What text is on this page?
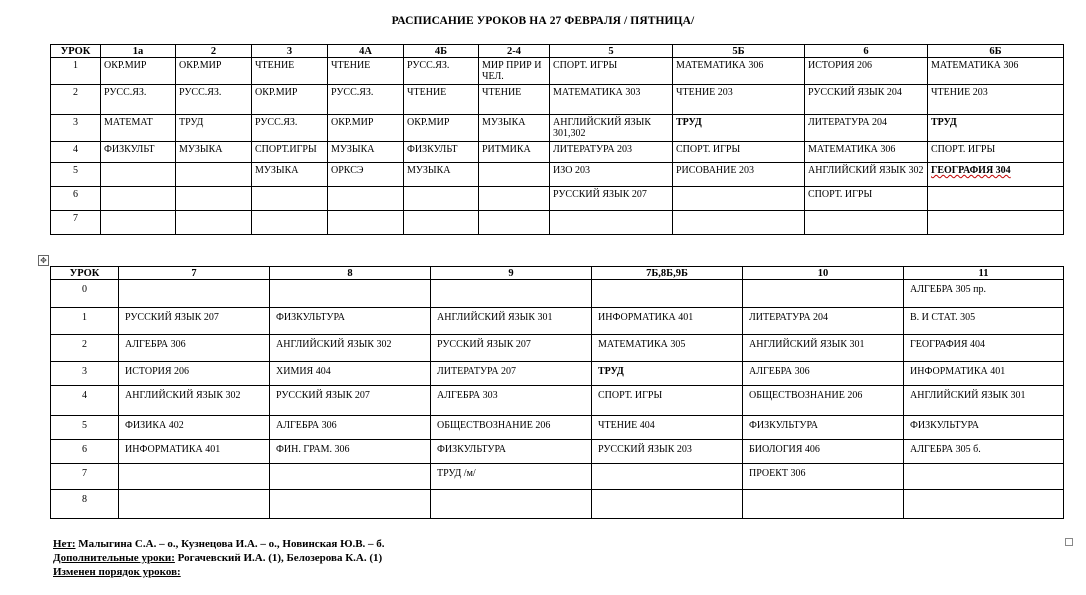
РАСПИСАНИЕ УРОКОВ НА 27 ФЕВРАЛЯ / ПЯТНИЦА/
УРОК	1а	2	3	4А	4Б	2-4	5	5Б	6	6Б
1	ОКР.МИР	ОКР.МИР	ЧТЕНИЕ	ЧТЕНИЕ	РУСС.ЯЗ.	МИР ПРИР И ЧЕЛ.	СПОРТ. ИГРЫ	МАТЕМАТИКА 306	ИСТОРИЯ 206	МАТЕМАТИКА 306
2	РУСС.ЯЗ.	РУСС.ЯЗ.	ОКР.МИР	РУСС.ЯЗ.	ЧТЕНИЕ	ЧТЕНИЕ	МАТЕМАТИКА 303	ЧТЕНИЕ 203	РУССКИЙ ЯЗЫК 204	ЧТЕНИЕ 203
3	МАТЕМАТ	ТРУД	РУСС.ЯЗ.	ОКР.МИР	ОКР.МИР	МУЗЫКА	АНГЛИЙСКИЙ ЯЗЫК 301,302	ТРУД	ЛИТЕРАТУРА 204	ТРУД
4	ФИЗКУЛЬТ	МУЗЫКА	СПОРТ.ИГРЫ	МУЗЫКА	ФИЗКУЛЬТ	РИТМИКА	ЛИТЕРАТУРА 203	СПОРТ. ИГРЫ	МАТЕМАТИКА 306	СПОРТ. ИГРЫ
5			МУЗЫКА	ОРКСЭ	МУЗЫКА		ИЗО 203	РИСОВАНИЕ 203	АНГЛИЙСКИЙ ЯЗЫК 302	ГЕОГРАФИЯ 304
6							РУССКИЙ ЯЗЫК 207		СПОРТ. ИГРЫ	
7										
✥
УРОК	7	8	9	7Б,8Б,9Б	10	11
0						АЛГЕБРА 305 пр.
1	РУССКИЙ ЯЗЫК 207	ФИЗКУЛЬТУРА	АНГЛИЙСКИЙ ЯЗЫК 301	ИНФОРМАТИКА 401	ЛИТЕРАТУРА 204	В. И СТАТ. 305
2	АЛГЕБРА 306	АНГЛИЙСКИЙ ЯЗЫК 302	РУССКИЙ ЯЗЫК 207	МАТЕМАТИКА 305	АНГЛИЙСКИЙ ЯЗЫК 301	ГЕОГРАФИЯ 404
3	ИСТОРИЯ 206	ХИМИЯ 404	ЛИТЕРАТУРА 207	ТРУД	АЛГЕБРА 306	ИНФОРМАТИКА 401
4	АНГЛИЙСКИЙ ЯЗЫК 302	РУССКИЙ ЯЗЫК 207	АЛГЕБРА 303	СПОРТ. ИГРЫ	ОБЩЕСТВОЗНАНИЕ 206	АНГЛИЙСКИЙ ЯЗЫК 301
5	ФИЗИКА 402	АЛГЕБРА 306	ОБЩЕСТВОЗНАНИЕ 206	ЧТЕНИЕ 404	ФИЗКУЛЬТУРА	ФИЗКУЛЬТУРА
6	ИНФОРМАТИКА 401	ФИН. ГРАМ. 306	ФИЗКУЛЬТУРА	РУССКИЙ ЯЗЫК 203	БИОЛОГИЯ 406	АЛГЕБРА 305 б.
7			ТРУД /м/		ПРОЕКТ 306	
8						
Нет: Малыгина С.А. – о., Кузнецова И.А. – о., Новинская Ю.В. – б.
Дополнительные уроки: Рогачевский И.А. (1), Белозерова К.А. (1)
Изменен порядок уроков:
